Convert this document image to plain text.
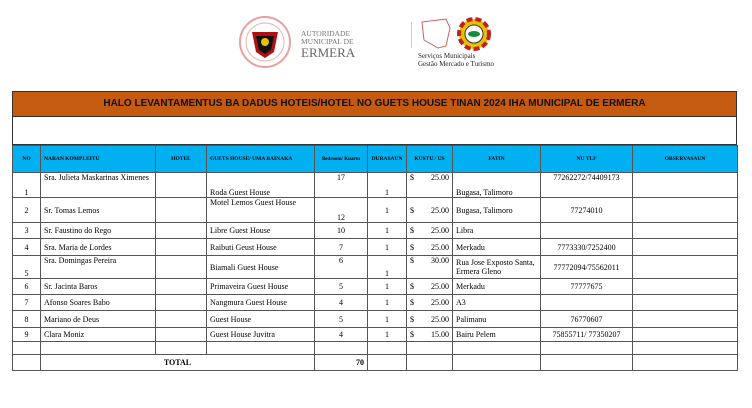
AUTORIDADE
MUNICIPAL DE
ERMERA	Serviços Municipais
Gestão Mercado e Turismo
HALO LEVANTAMENTUS BA DADUS HOTEIS/HOTEL NO GUETS HOUSE TINAN 2024 IHA MUNICIPAL DE ERMERA
NO	NARAN KOMPLEITU	HOTEL	GUETS HOUSE/ UMA BAINAKA	Bedroom/ Kuartu	DURASAUN	KUSTU / US	FATIN	NU TLF	OBSERVASAUN
1	Sra. Julieta Maskarinas Ximenes		Roda Guest House	17	1	$ 25.00	Bugasa, Talimoro	77262272/74409173	
2	Sr. Tomas Lemos		Motel Lemos Guest House	12	1	$ 25.00	Bugasa, Talimoro	77274010	
3	Sr. Faustino do Rego		Libre Guest House	10	1	$ 25.00	Libra		
4	Sra. Maria de Lordes		Raibuti Geust House	7	1	$ 25.00	Merkadu	7773330/7252400	
5	Sra. Domingas Pereira		Biamali Guest House	6	1	$ 30.00	Rua Jose Exposto Santa, Ermera Gleno	77772094/75562011	
6	Sr. Jacinta Baros		Primaveira Guest House	5	1	$ 25.00	Merkadu	77777675	
7	Afonso Soares Babo		Nangmura Guest House	4	1	$ 25.00	A3		
8	Mariano de Deus		Guest House	5	1	$ 25.00	Palimanu	76770607	
9	Clara Moniz		Guest House Juvitra	4	1	$ 15.00	Bairu Pelem	75855711/ 77350207	

	TOTAL			70					
